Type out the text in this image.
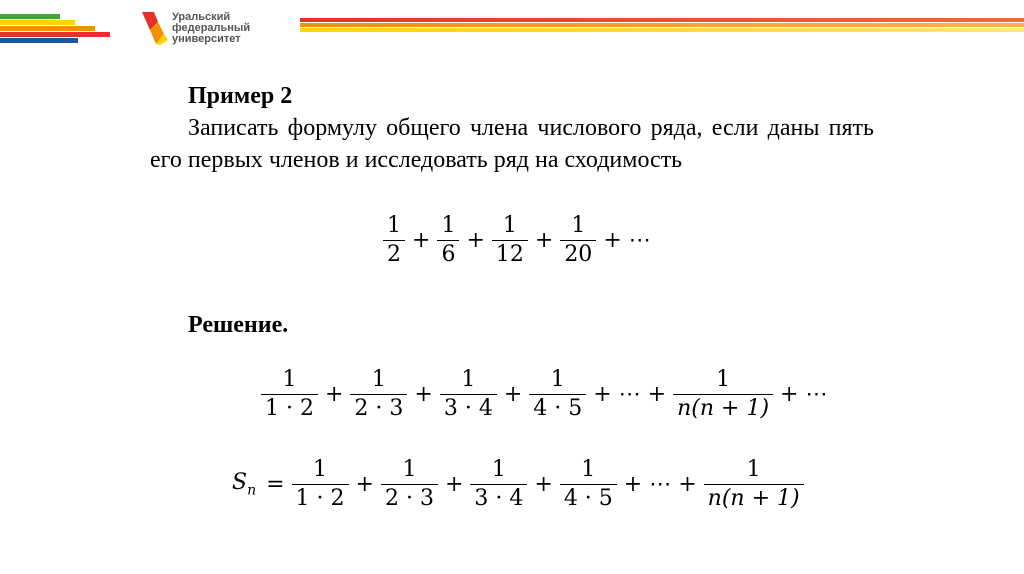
Уральский
федеральный
университет
Пример 2
Записать формулу общего члена числового ряда, если даны пять его первых членов и исследовать ряд на сходимость
$\frac{1}{2} + \frac{1}{6} + \frac{1}{12} + \frac{1}{20}$ + ⋯
Решение.
$\frac{1}{1 \cdot 2} + \frac{1}{2 \cdot 3} + \frac{1}{3 \cdot 4} + \frac{1}{4 \cdot 5}$ + ⋯ + $\frac{1}{n(n + 1)}$ + ⋯
$S_n = \frac{1}{1 \cdot 2} + \frac{1}{2 \cdot 3} + \frac{1}{3 \cdot 4} + \frac{1}{4 \cdot 5}$ + ⋯ + $\frac{1}{n(n + 1)}$
